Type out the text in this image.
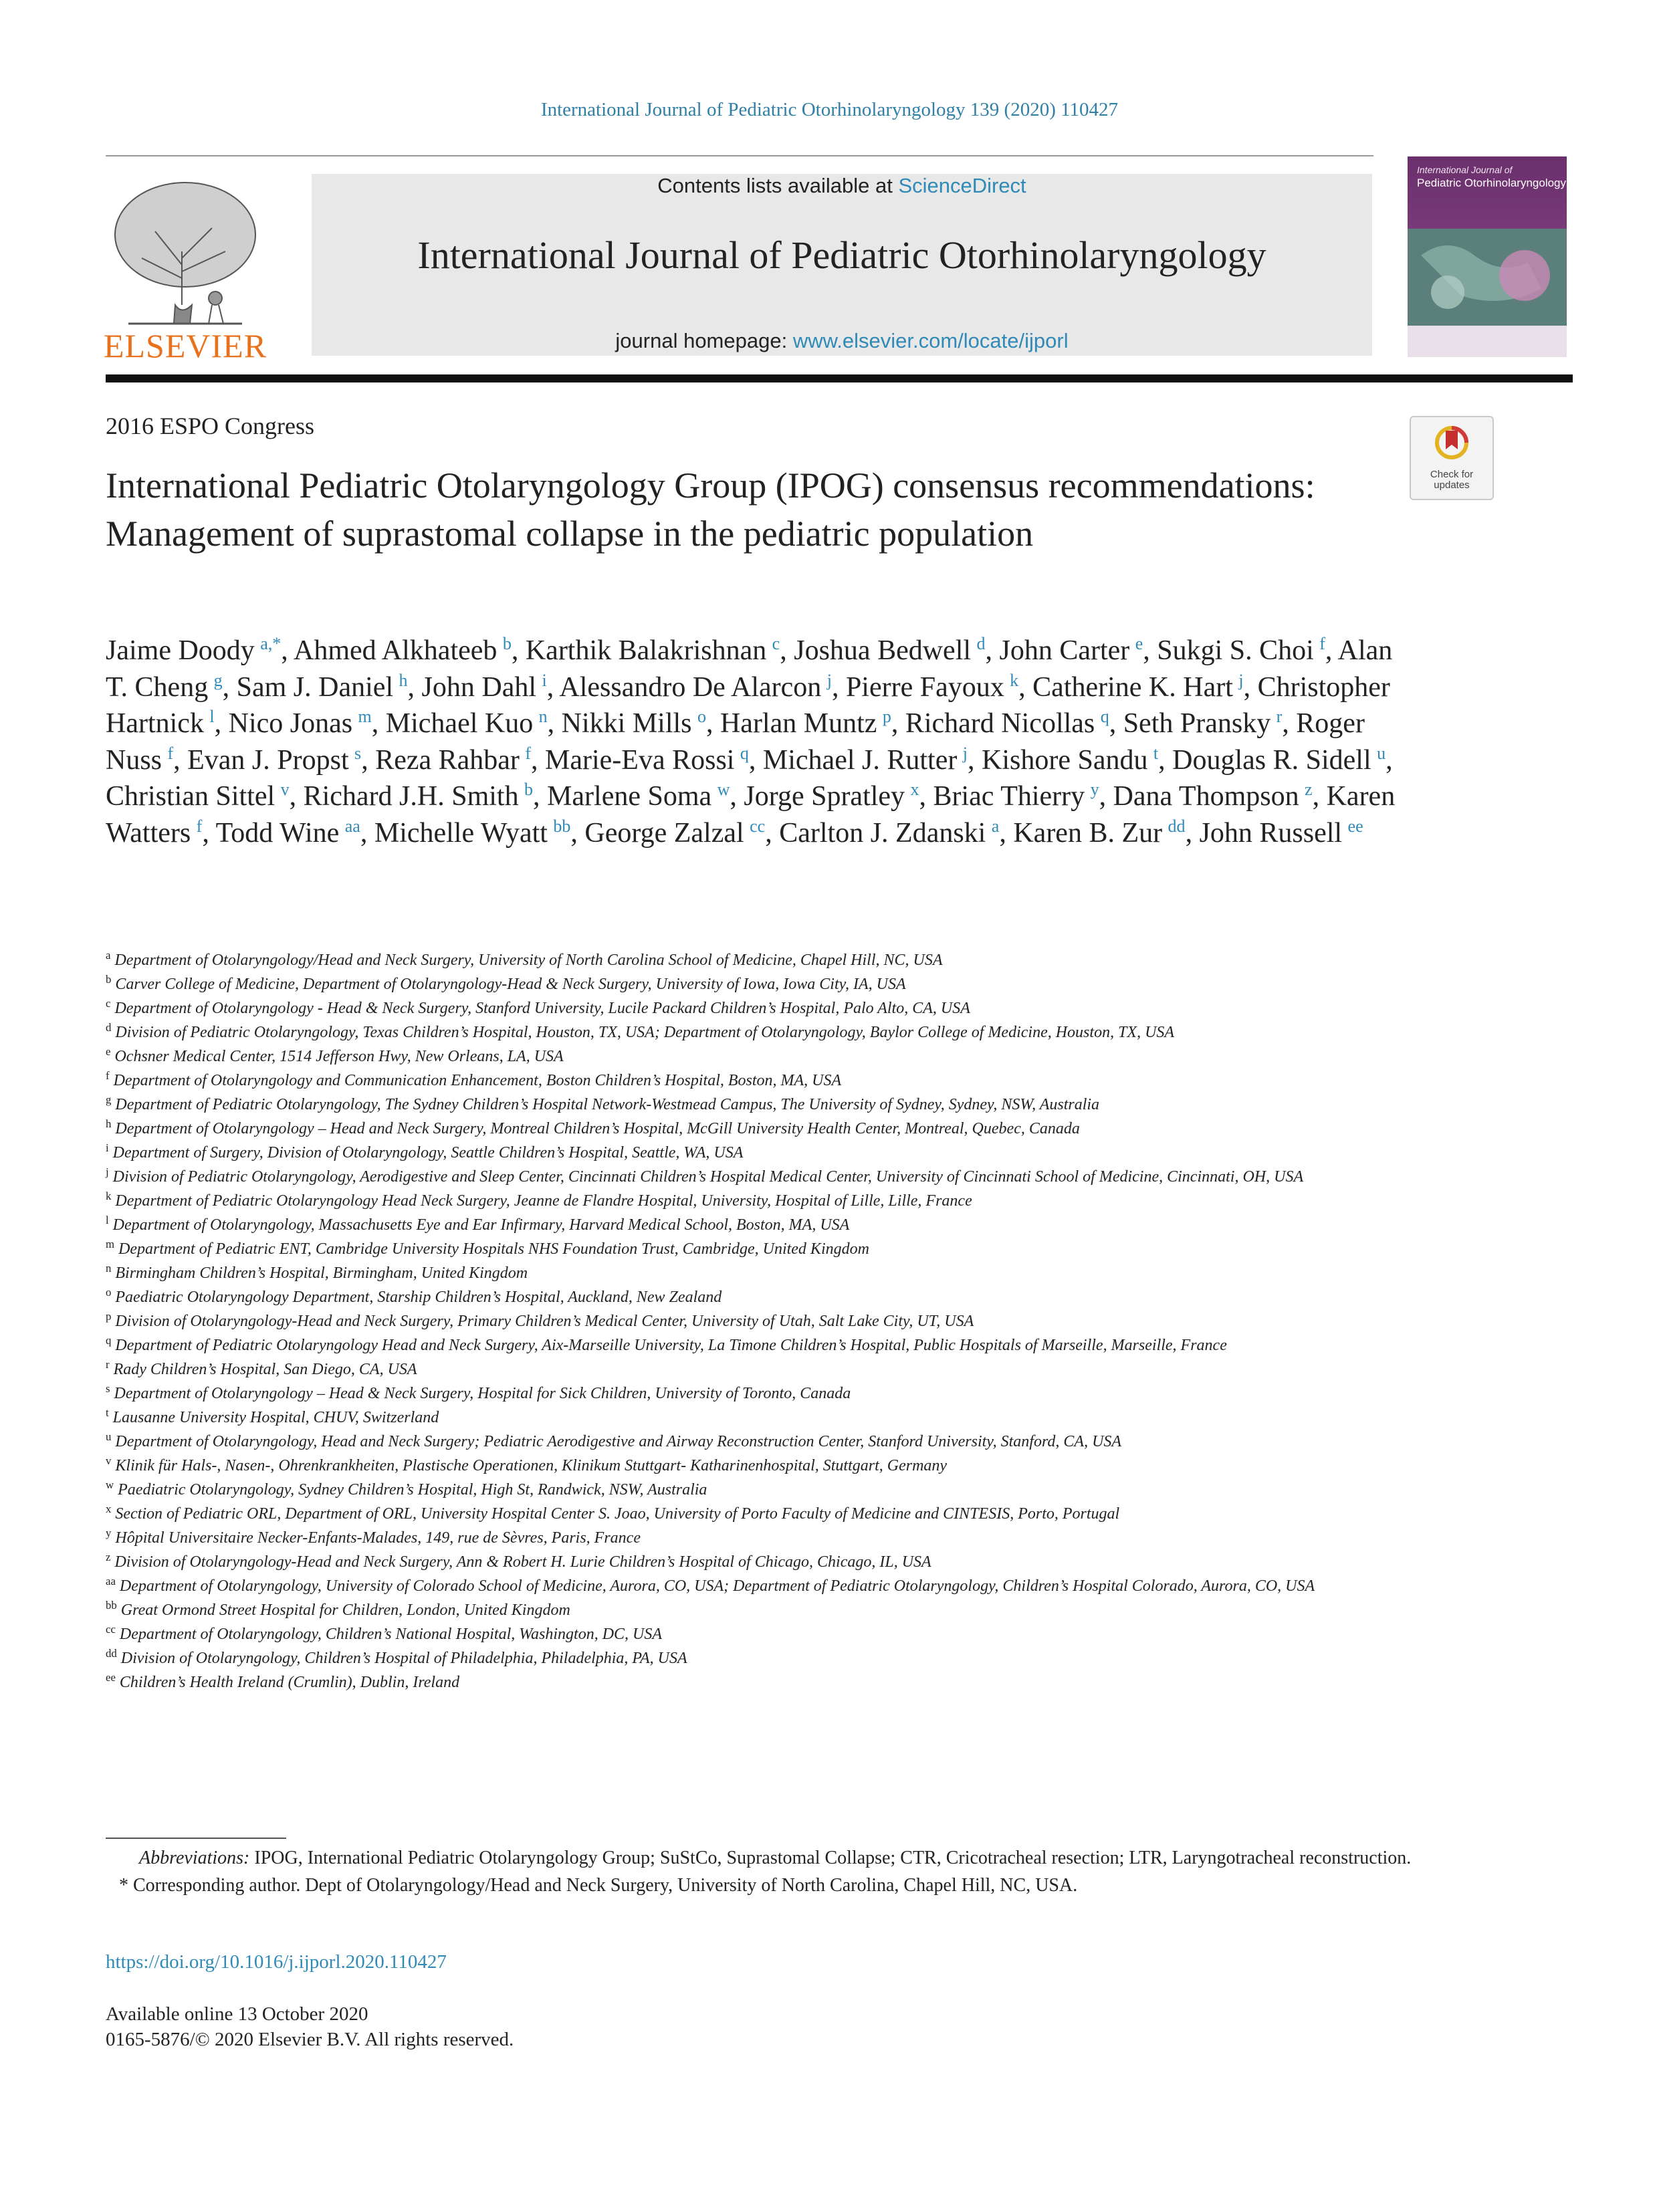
International Journal of Pediatric Otorhinolaryngology 139 (2020) 110427
ELSEVIER
Contents lists available at ScienceDirect
International Journal of Pediatric Otorhinolaryngology
journal homepage: www.elsevier.com/locate/ijporl
International Journal of
Pediatric Otorhinolaryngology
2016 ESPO Congress
Check for
updates
International Pediatric Otolaryngology Group (IPOG) consensus recommendations: Management of suprastomal collapse in the pediatric population
Jaime Doody  $^{a,*}$, Ahmed Alkhateeb  $^b$, Karthik Balakrishnan  $^c$, Joshua Bedwell  $^d$, John Carter  $^e$, Sukgi S. Choi  $^f$, Alan T. Cheng  $^g$, Sam J. Daniel  $^h$, John Dahl  $^i$, Alessandro De Alarcon  $^j$, Pierre Fayoux  $^k$, Catherine K. Hart  $^j$, Christopher Hartnick  $^l$, Nico Jonas  $^m$, Michael Kuo  $^n$, Nikki Mills  $^o$, Harlan Muntz  $^p$, Richard Nicollas  $^q$, Seth Pransky  $^r$, Roger Nuss  $^f$, Evan J. Propst  $^s$, Reza Rahbar  $^f$, Marie-Eva Rossi  $^q$, Michael J. Rutter  $^j$, Kishore Sandu  $^t$, Douglas R. Sidell  $^u$, Christian Sittel  $^v$, Richard J.H. Smith  $^b$, Marlene Soma  $^w$, Jorge Spratley  $^x$, Briac Thierry  $^y$, Dana Thompson  $^z$, Karen Watters  $^f$, Todd Wine  $^{aa}$, Michelle Wyatt  $^{bb}$, George Zalzal  $^{cc}$, Carlton J. Zdanski  $^a$, Karen B. Zur  $^{dd}$, John Russell  $^{ee}$
$^a$ Department of Otolaryngology/Head and Neck Surgery, University of North Carolina School of Medicine, Chapel Hill, NC, USA
$^b$ Carver College of Medicine, Department of Otolaryngology-Head & Neck Surgery, University of Iowa, Iowa City, IA, USA
$^c$ Department of Otolaryngology - Head & Neck Surgery, Stanford University, Lucile Packard Children’s Hospital, Palo Alto, CA, USA
$^d$ Division of Pediatric Otolaryngology, Texas Children’s Hospital, Houston, TX, USA; Department of Otolaryngology, Baylor College of Medicine, Houston, TX, USA
$^e$ Ochsner Medical Center, 1514 Jefferson Hwy, New Orleans, LA, USA
$^f$ Department of Otolaryngology and Communication Enhancement, Boston Children’s Hospital, Boston, MA, USA
$^g$ Department of Pediatric Otolaryngology, The Sydney Children’s Hospital Network-Westmead Campus, The University of Sydney, Sydney, NSW, Australia
$^h$ Department of Otolaryngology – Head and Neck Surgery, Montreal Children’s Hospital, McGill University Health Center, Montreal, Quebec, Canada
$^i$ Department of Surgery, Division of Otolaryngology, Seattle Children’s Hospital, Seattle, WA, USA
$^j$ Division of Pediatric Otolaryngology, Aerodigestive and Sleep Center, Cincinnati Children’s Hospital Medical Center, University of Cincinnati School of Medicine, Cincinnati, OH, USA
$^k$ Department of Pediatric Otolaryngology Head Neck Surgery, Jeanne de Flandre Hospital, University, Hospital of Lille, Lille, France
$^l$ Department of Otolaryngology, Massachusetts Eye and Ear Infirmary, Harvard Medical School, Boston, MA, USA
$^m$ Department of Pediatric ENT, Cambridge University Hospitals NHS Foundation Trust, Cambridge, United Kingdom
$^n$ Birmingham Children’s Hospital, Birmingham, United Kingdom
$^o$ Paediatric Otolaryngology Department, Starship Children’s Hospital, Auckland, New Zealand
$^p$ Division of Otolaryngology-Head and Neck Surgery, Primary Children’s Medical Center, University of Utah, Salt Lake City, UT, USA
$^q$ Department of Pediatric Otolaryngology Head and Neck Surgery, Aix-Marseille University, La Timone Children’s Hospital, Public Hospitals of Marseille, Marseille, France
$^r$ Rady Children’s Hospital, San Diego, CA, USA
$^s$ Department of Otolaryngology – Head & Neck Surgery, Hospital for Sick Children, University of Toronto, Canada
$^t$ Lausanne University Hospital, CHUV, Switzerland
$^u$ Department of Otolaryngology, Head and Neck Surgery; Pediatric Aerodigestive and Airway Reconstruction Center, Stanford University, Stanford, CA, USA
$^v$ Klinik für Hals-, Nasen-, Ohrenkrankheiten, Plastische Operationen, Klinikum Stuttgart- Katharinenhospital, Stuttgart, Germany
$^w$ Paediatric Otolaryngology, Sydney Children’s Hospital, High St, Randwick, NSW, Australia
$^x$ Section of Pediatric ORL, Department of ORL, University Hospital Center S. Joao, University of Porto Faculty of Medicine and CINTESIS, Porto, Portugal
$^y$ Hôpital Universitaire Necker-Enfants-Malades, 149, rue de Sèvres, Paris, France
$^z$ Division of Otolaryngology-Head and Neck Surgery, Ann & Robert H. Lurie Children’s Hospital of Chicago, Chicago, IL, USA
$^{aa}$ Department of Otolaryngology, University of Colorado School of Medicine, Aurora, CO, USA; Department of Pediatric Otolaryngology, Children’s Hospital Colorado, Aurora, CO, USA
$^{bb}$ Great Ormond Street Hospital for Children, London, United Kingdom
$^{cc}$ Department of Otolaryngology, Children’s National Hospital, Washington, DC, USA
$^{dd}$ Division of Otolaryngology, Children’s Hospital of Philadelphia, Philadelphia, PA, USA
$^{ee}$ Children’s Health Ireland (Crumlin), Dublin, Ireland
Abbreviations: IPOG, International Pediatric Otolaryngology Group; SuStCo, Suprastomal Collapse; CTR, Cricotracheal resection; LTR, Laryngotracheal reconstruction.
* Corresponding author. Dept of Otolaryngology/Head and Neck Surgery, University of North Carolina, Chapel Hill, NC, USA.
https://doi.org/10.1016/j.ijporl.2020.110427
Available online 13 October 2020
0165-5876/© 2020 Elsevier B.V. All rights reserved.
